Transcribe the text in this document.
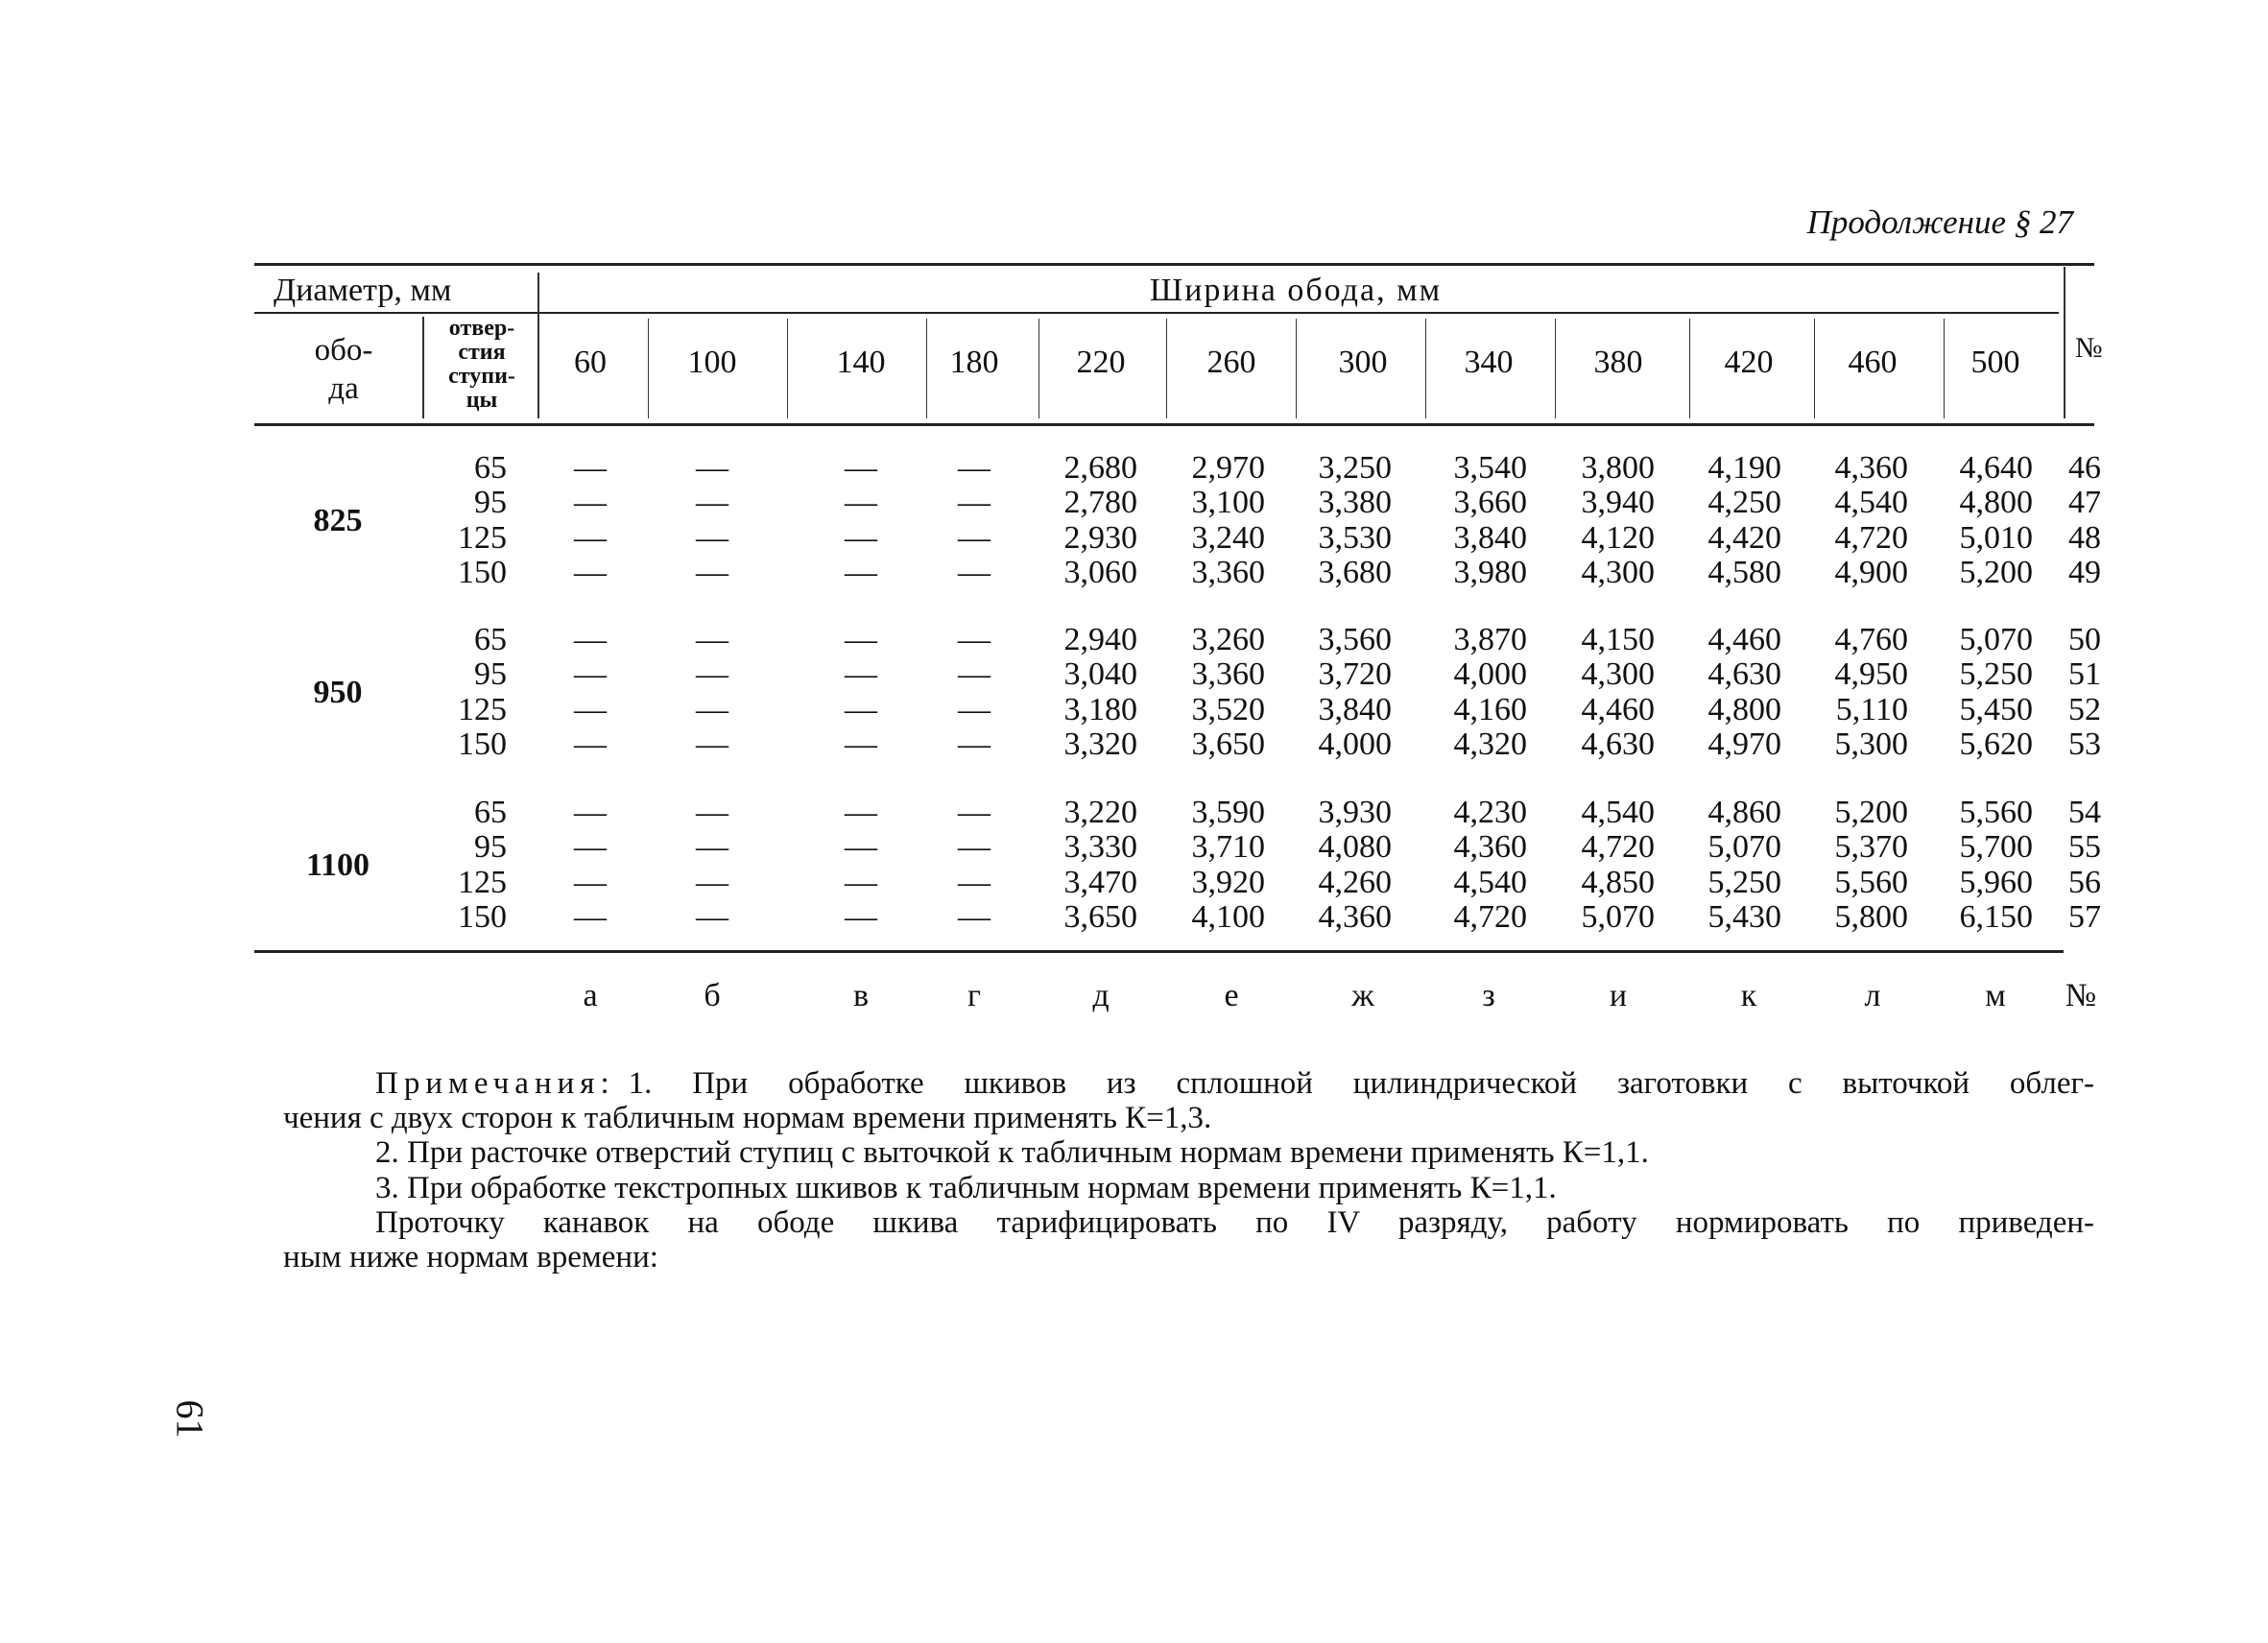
Продолжение § 27
Диаметр, мм	Ширина обода, мм
обо-
да
отвер-
стия
ступи-
цы
№
60 100	140 180 220	260	300 340 380	420 460 500
825
65 —	—	— — 2,680 2,970 3,250 3,540 3,800 4,190 4,360 4,640 46
95 —	—	— — 2,780 3,100 3,380 3,660 3,940 4,250 4,540 4,800 47
125 —	—	— — 2,930 3,240 3,530 3,840 4,120 4,420 4,720 5,010 48
150 —	—	— — 3,060 3,360 3,680 3,980 4,300 4,580 4,900 5,200 49
950
65 —	—	— — 2,940 3,260 3,560 3,870 4,150 4,460 4,760 5,070 50
95 —	—	— — 3,040 3,360 3,720 4,000 4,300 4,630 4,950 5,250 51
125 —	—	— — 3,180 3,520 3,840 4,160 4,460 4,800 5,110 5,450 52
150 —	—	— — 3,320 3,650 4,000 4,320 4,630 4,970 5,300 5,620 53
1100
65 —	—	— — 3,220 3,590 3,930 4,230 4,540 4,860 5,200 5,560 54
95 —	—	— — 3,330 3,710 4,080 4,360 4,720 5,070 5,370 5,700 55
125 —	—	— — 3,470 3,920 4,260 4,540 4,850 5,250 5,560 5,960 56
150 —	—	— — 3,650 4,100 4,360 4,720 5,070 5,430 5,800 6,150 57
а	б	в	г	д	е	ж	з	и	к	л	м №
Примечания: 1. При обработке шкивов из сплошной цилиндрической заготовки с выточкой облег-
чения с двух сторон к табличным нормам времени применять К=1,3.
2. При расточке отверстий ступиц с выточкой к табличным нормам времени применять К=1,1.
3. При обработке текстропных шкивов к табличным нормам времени применять К=1,1.
Проточку канавок на ободе шкива тарифицировать по IV разряду, работу нормировать по приведен-
ным ниже нормам времени:
61
